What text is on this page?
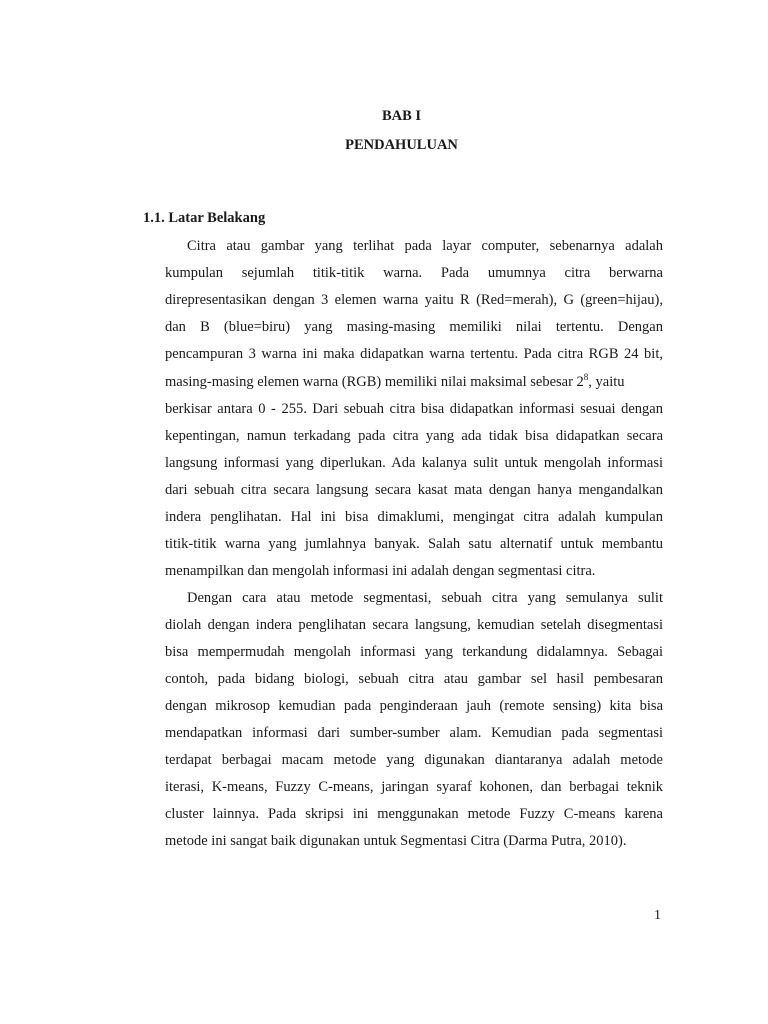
BAB I
PENDAHULUAN
1.1. Latar Belakang
Citra atau gambar yang terlihat pada layar computer, sebenarnya adalah
kumpulan sejumlah titik-titik warna. Pada umumnya citra berwarna
direpresentasikan dengan 3 elemen warna yaitu R (Red=merah), G (green=hijau),
dan B (blue=biru) yang masing-masing memiliki nilai tertentu. Dengan
pencampuran 3 warna ini maka didapatkan warna tertentu. Pada citra RGB 24 bit,
masing-masing elemen warna (RGB) memiliki nilai maksimal sebesar $2^8$, yaitu
berkisar antara 0 - 255. Dari sebuah citra bisa didapatkan informasi sesuai dengan
kepentingan, namun terkadang pada citra yang ada tidak bisa didapatkan secara
langsung informasi yang diperlukan. Ada kalanya sulit untuk mengolah informasi
dari sebuah citra secara langsung secara kasat mata dengan hanya mengandalkan
indera penglihatan. Hal ini bisa dimaklumi, mengingat citra adalah kumpulan
titik-titik warna yang jumlahnya banyak. Salah satu alternatif untuk membantu
menampilkan dan mengolah informasi ini adalah dengan segmentasi citra.
Dengan cara atau metode segmentasi, sebuah citra yang semulanya sulit
diolah dengan indera penglihatan secara langsung, kemudian setelah disegmentasi
bisa mempermudah mengolah informasi yang terkandung didalamnya. Sebagai
contoh, pada bidang biologi, sebuah citra atau gambar sel hasil pembesaran
dengan mikrosop kemudian pada penginderaan jauh (remote sensing) kita bisa
mendapatkan informasi dari sumber-sumber alam. Kemudian pada segmentasi
terdapat berbagai macam metode yang digunakan diantaranya adalah metode
iterasi, K-means, Fuzzy C-means, jaringan syaraf kohonen, dan berbagai teknik
cluster lainnya. Pada skripsi ini menggunakan metode Fuzzy C-means karena
metode ini sangat baik digunakan untuk Segmentasi Citra (Darma Putra, 2010).
1
